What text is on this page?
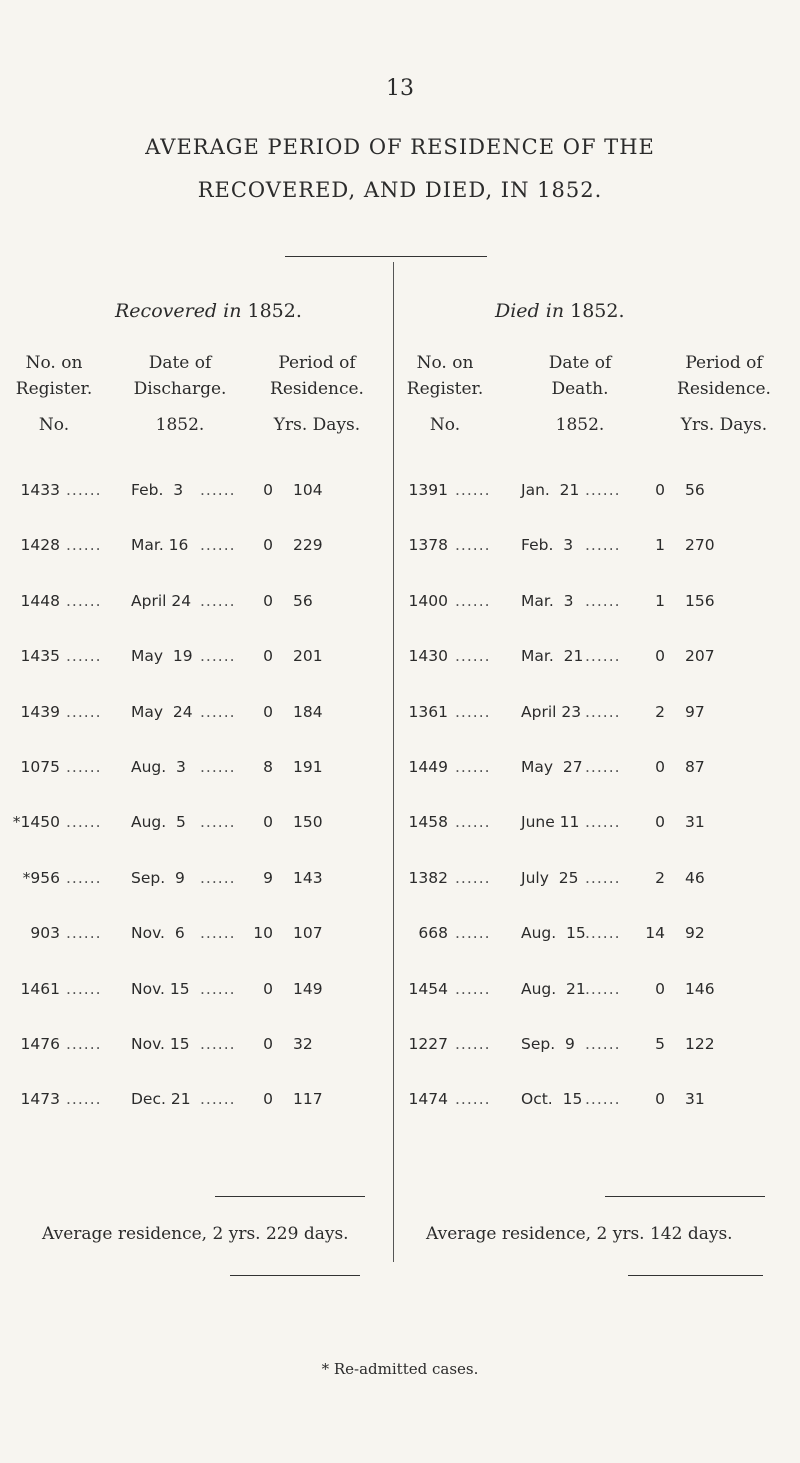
13
AVERAGE PERIOD OF RESIDENCE OF THE
RECOVERED, AND DIED, IN 1852.
Recovered in 1852.	Died in 1852.
No. on
Register.
No.
Date of
Discharge.
1852.
Period of
Residence.
Yrs. Days.
No. on
Register.
No.
Date of
Death.
1852.
Period of
Residence.
Yrs. Days.
1433 ...... Feb.  3 ...... 0 104
1428 ...... Mar. 16 ...... 0 229
1448 ...... April 24 ...... 0 56
1435 ...... May  19 ...... 0 201
1439 ...... May  24 ...... 0 184
1075 ...... Aug.  3 ...... 8 191
*1450 ...... Aug.  5 ...... 0 150
*956 ...... Sep.  9 ...... 9 143
903 ...... Nov.  6 ...... 10 107
1461 ...... Nov. 15 ...... 0 149
1476 ...... Nov. 15 ...... 0 32
1473 ...... Dec. 21 ...... 0 117
1391 ...... Jan.  21 ...... 0 56
1378 ...... Feb.  3 ...... 1 270
1400 ...... Mar.  3 ...... 1 156
1430 ...... Mar.  21 ...... 0 207
1361 ...... April 23 ...... 2 97
1449 ...... May  27 ...... 0 87
1458 ...... June 11 ...... 0 31
1382 ...... July  25 ...... 2 46
668 ...... Aug.  15 ...... 14 92
1454 ...... Aug.  21 ...... 0 146
1227 ...... Sep.  9 ...... 5 122
1474 ...... Oct.  15 ...... 0 31
Average residence, 2 yrs. 229 days.	Average residence, 2 yrs. 142 days.
* Re-admitted cases.
